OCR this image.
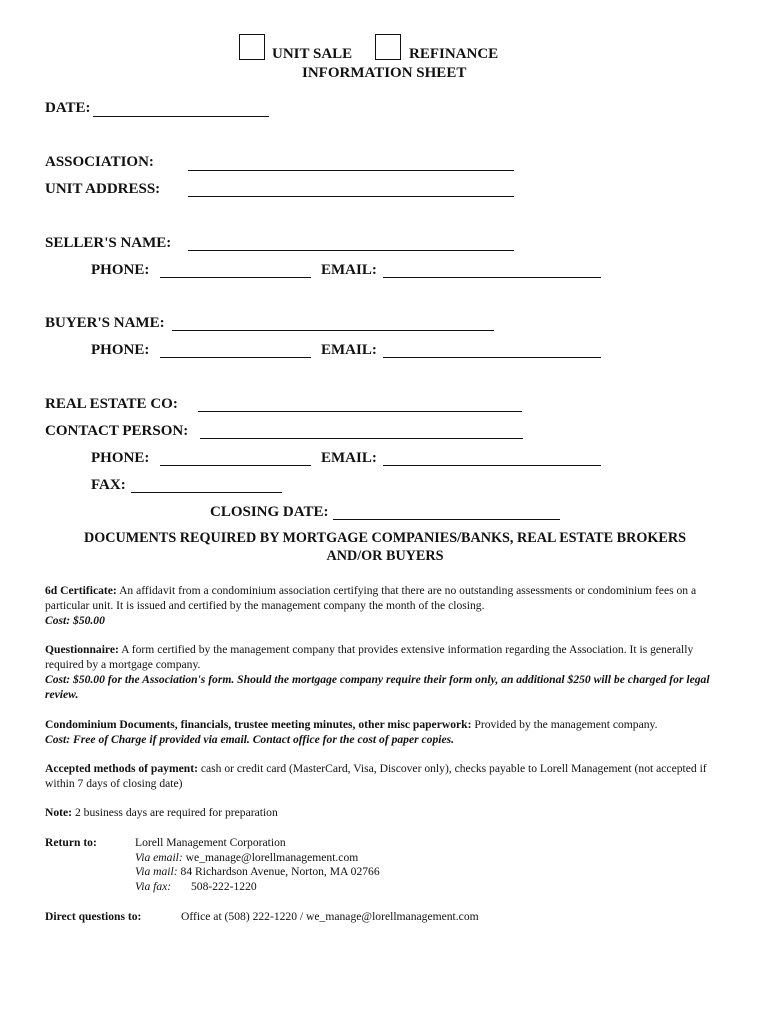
UNIT SALE	REFINANCE
INFORMATION SHEET
DATE:
ASSOCIATION:
UNIT ADDRESS:
SELLER'S NAME:
PHONE:	EMAIL:
BUYER'S NAME:
PHONE:	EMAIL:
REAL ESTATE CO:
CONTACT PERSON:
PHONE:	EMAIL:
FAX:
CLOSING DATE:
DOCUMENTS REQUIRED BY MORTGAGE COMPANIES/BANKS, REAL ESTATE BROKERS
AND/OR BUYERS
6d Certificate: An affidavit from a condominium association certifying that there are no outstanding assessments or condominium fees on a particular unit. It is issued and certified by the management company the month of the closing.
Cost: $50.00
Questionnaire: A form certified by the management company that provides extensive information regarding the Association. It is generally required by a mortgage company.
Cost: $50.00 for the Association's form. Should the mortgage company require their form only, an additional $250 will be charged for legal review.
Condominium Documents, financials, trustee meeting minutes, other misc paperwork: Provided by the management company.
Cost: Free of Charge if provided via email. Contact office for the cost of paper copies.
Accepted methods of payment: cash or credit card (MasterCard, Visa, Discover only), checks payable to Lorell Management (not accepted if within 7 days of closing date)
Note: 2 business days are required for preparation
Return to:	Lorell Management Corporation
Via email: we_manage@lorellmanagement.com
Via mail: 84 Richardson Avenue, Norton, MA 02766
Via fax: 508-222-1220
Direct questions to:	Office at (508) 222-1220 / we_manage@lorellmanagement.com
